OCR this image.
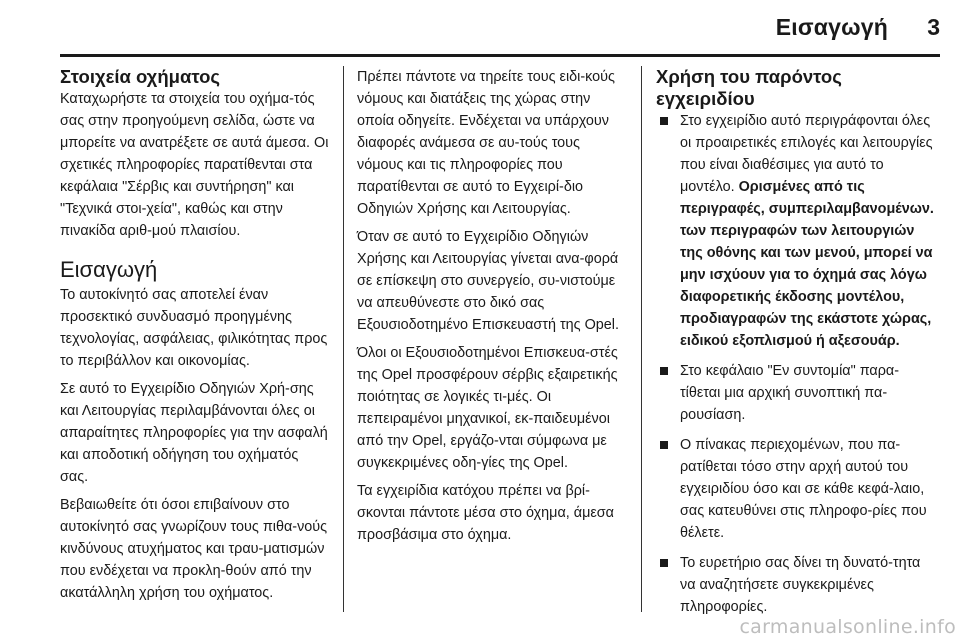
Εισαγωγή 3
Στοιχεία οχήματος

Καταχωρήστε τα στοιχεία του οχήμα-τός σας στην προηγούμενη σελίδα, ώστε να μπορείτε να ανατρέξετε σε αυτά άμεσα. Οι σχετικές πληροφορίες παρατίθενται στα κεφάλαια "Σέρβις και συντήρηση" και "Τεχνικά στοι-χεία", καθώς και στην πινακίδα αριθ-μού πλαισίου.

Εισαγωγή

Το αυτοκίνητό σας αποτελεί έναν προσεκτικό συνδυασμό προηγμένης τεχνολογίας, ασφάλειας, φιλικότητας προς το περιβάλλον και οικονομίας.

Σε αυτό το Εγχειρίδιο Οδηγιών Χρή-σης και Λειτουργίας περιλαμβάνονται όλες οι απαραίτητες πληροφορίες για την ασφαλή και αποδοτική οδήγηση του οχήματός σας.

Βεβαιωθείτε ότι όσοι επιβαίνουν στο αυτοκίνητό σας γνωρίζουν τους πιθα-νούς κινδύνους ατυχήματος και τραυ-ματισμών που ενδέχεται να προκλη-θούν από την ακατάλληλη χρήση του οχήματος.

Πρέπει πάντοτε να τηρείτε τους ειδι-κούς νόμους και διατάξεις της χώρας στην οποία οδηγείτε. Ενδέχεται να υπάρχουν διαφορές ανάμεσα σε αυ-τούς τους νόμους και τις πληροφορίες που παρατίθενται σε αυτό το Εγχειρί-διο Οδηγιών Χρήσης και Λειτουργίας.

Όταν σε αυτό το Εγχειρίδιο Οδηγιών Χρήσης και Λειτουργίας γίνεται ανα-φορά σε επίσκεψη στο συνεργείο, συ-νιστούμε να απευθύνεστε στο δικό σας Εξουσιοδοτημένο Επισκευαστή της Opel.

Όλοι οι Εξουσιοδοτημένοι Επισκευα-στές της Opel προσφέρουν σέρβις εξαιρετικής ποιότητας σε λογικές τι-μές. Οι πεπειραμένοι μηχανικοί, εκ-παιδευμένοι από την Opel, εργάζο-νται σύμφωνα με συγκεκριμένες οδη-γίες της Opel.

Τα εγχειρίδια κατόχου πρέπει να βρί-σκονται πάντοτε μέσα στο όχημα, άμεσα προσβάσιμα στο όχημα.

Χρήση του παρόντος εγχειριδίου
Στο εγχειρίδιο αυτό περιγράφονται όλες οι προαιρετικές επιλογές και λειτουργίες που είναι διαθέσιμες για αυτό το μοντέλο. Ορισμένες από τις περιγραφές, συμπεριλαμβανομένων. των περιγραφών των λειτουργιών της οθόνης και των μενού, μπορεί να μην ισχύουν για το όχημά σας λόγω διαφορετικής έκδοσης μοντέλου, προδιαγραφών της εκάστοτε χώρας, ειδικού εξοπλισμού ή αξεσουάρ.
Στο κεφάλαιο "Εν συντομία" παρα-τίθεται μια αρχική συνοπτική πα-ρουσίαση.
Ο πίνακας περιεχομένων, που πα-ρατίθεται τόσο στην αρχή αυτού του εγχειριδίου όσο και σε κάθε κεφά-λαιο, σας κατευθύνει στις πληροφο-ρίες που θέλετε.
Το ευρετήριο σας δίνει τη δυνατό-τητα να αναζητήσετε συγκεκριμένες πληροφορίες.
carmanualsonline.info
